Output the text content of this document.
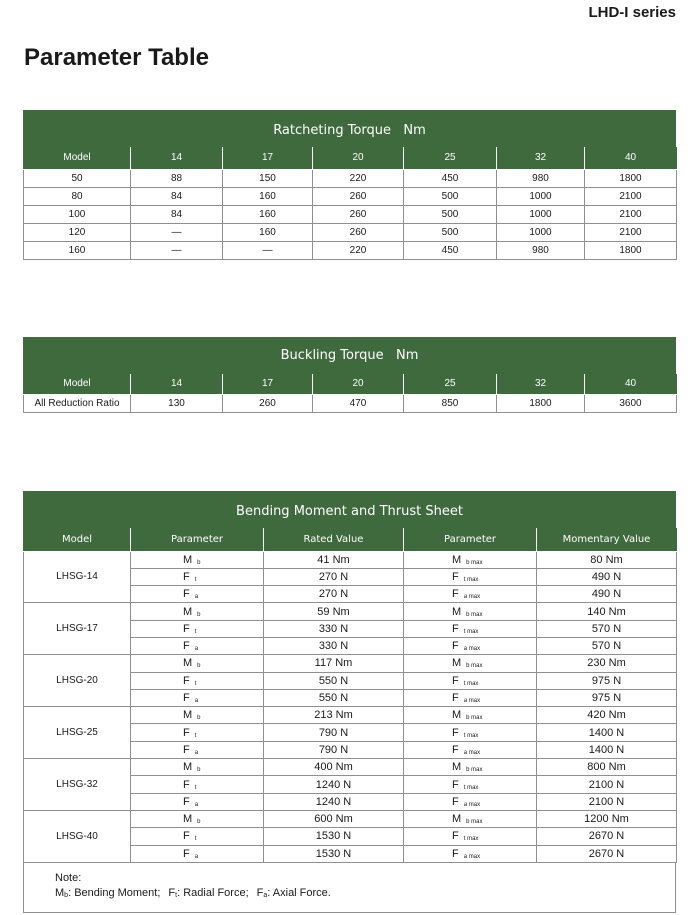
LHD-I series
Parameter Table
Ratcheting Torque   Nm
Model	14	17	20	25	32	40
50	88	150	220	450	980	1800
80	84	160	260	500	1000	2100
100	84	160	260	500	1000	2100
120	—	160	260	500	1000	2100
160	—	—	220	450	980	1800
Buckling Torque   Nm
Model	14	17	20	25	32	40
All Reduction Ratio	130	260	470	850	1800	3600
Bending Moment and Thrust Sheet
Model	Parameter	Rated Value	Parameter	Momentary Value
LHSG-14	M b	41 Nm	M b max	80 Nm
	F t	270 N	F t max	490 N
	F a	270 N	F a max	490 N
LHSG-17	M b	59 Nm	M b max	140 Nm
	F t	330 N	F t max	570 N
	F a	330 N	F a max	570 N
LHSG-20	M b	117 Nm	M b max	230 Nm
	F t	550 N	F t max	975 N
	F a	550 N	F a max	975 N
LHSG-25	M b	213 Nm	M b max	420 Nm
	F t	790 N	F t max	1400 N
	F a	790 N	F a max	1400 N
LHSG-32	M b	400 Nm	M b max	800 Nm
	F t	1240 N	F t max	2100 N
	F a	1240 N	F a max	2100 N
LHSG-40	M b	600 Nm	M b max	1200 Nm
	F t	1530 N	F t max	2670 N
	F a	1530 N	F a max	2670 N
Note:
Mb: Bending Moment; Ft: Radial Force; Fa: Axial Force.
